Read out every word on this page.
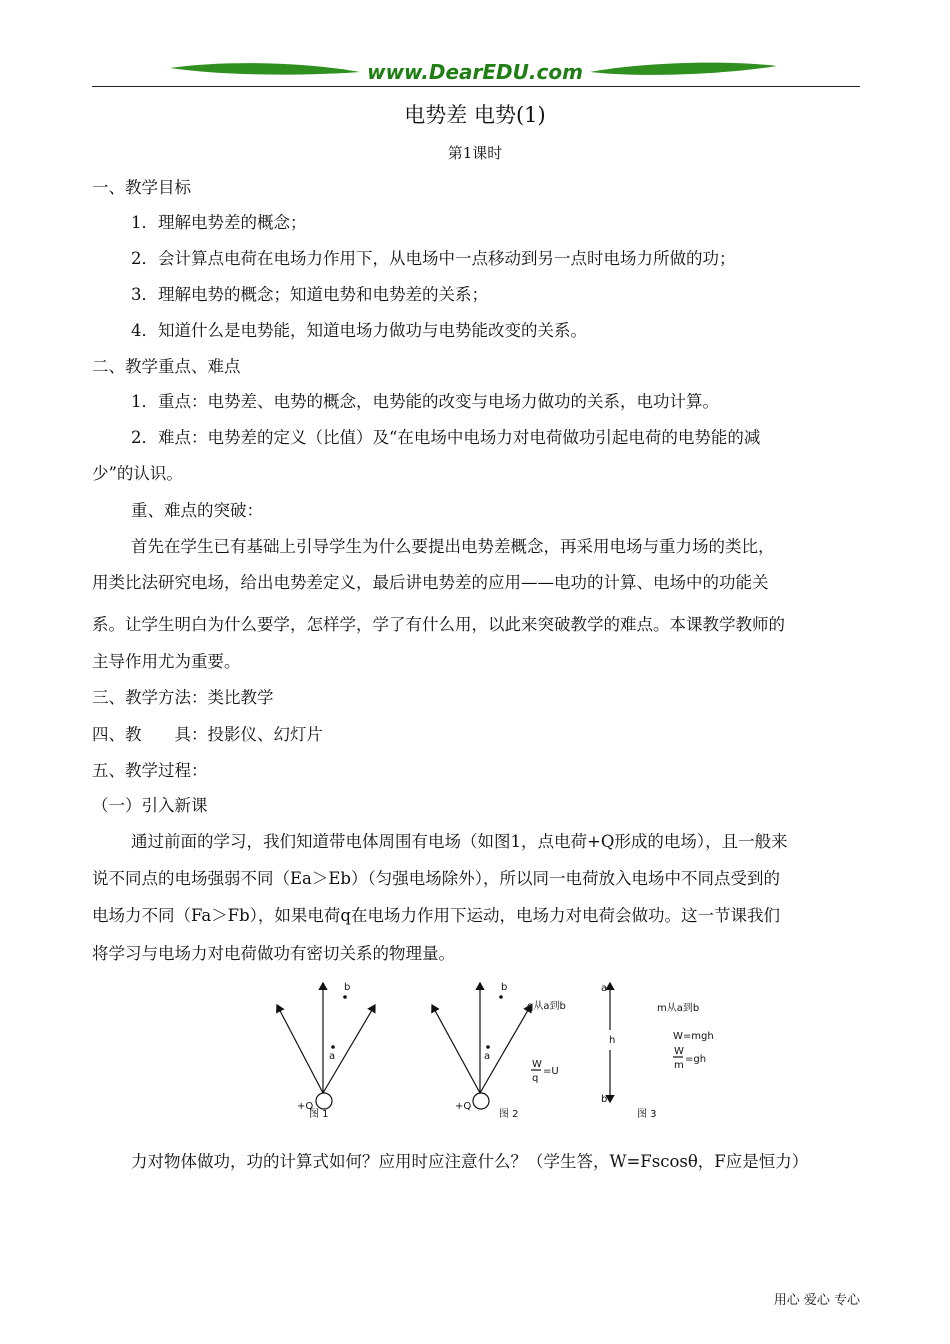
www.DearEDU.com
电势差 电势(1)
第1课时
一、教学目标
1．理解电势差的概念；
2．会计算点电荷在电场力作用下，从电场中一点移动到另一点时电场力所做的功；
3．理解电势的概念；知道电势和电势差的关系；
4．知道什么是电势能，知道电场力做功与电势能改变的关系。
二、教学重点、难点
1．重点：电势差、电势的概念，电势能的改变与电场力做功的关系，电功计算。
2．难点：电势差的定义（比值）及“在电场中电场力对电荷做功引起电荷的电势能的减
少”的认识。
重、难点的突破：
首先在学生已有基础上引导学生为什么要提出电势差概念，再采用电场与重力场的类比，
用类比法研究电场，给出电势差定义，最后讲电势差的应用——电功的计算、电场中的功能关
系。让学生明白为什么要学，怎样学，学了有什么用，以此来突破教学的难点。本课教学教师的
主导作用尤为重要。
三、教学方法：类比教学
四、教　　具：投影仪、幻灯片
五、教学过程：
（一）引入新课
通过前面的学习，我们知道带电体周围有电场（如图1，点电荷+Q形成的电场），且一般来
说不同点的电场强弱不同（Ea＞Eb）（匀强电场除外），所以同一电荷放入电场中不同点受到的
电场力不同（Fa＞Fb），如果电荷q在电场力作用下运动，电场力对电荷会做功。这一节课我们
将学习与电场力对电荷做功有密切关系的物理量。
b
a
+Q
图 1
b
a
+Q
q从a到b
W
q
=U
图 2
a
h
b
m从a到b
W=mgh
W
m
=gh
图 3
力对物体做功，功的计算式如何？应用时应注意什么？（学生答，W=Fscosθ，F应是恒力）
用心 爱心 专心
